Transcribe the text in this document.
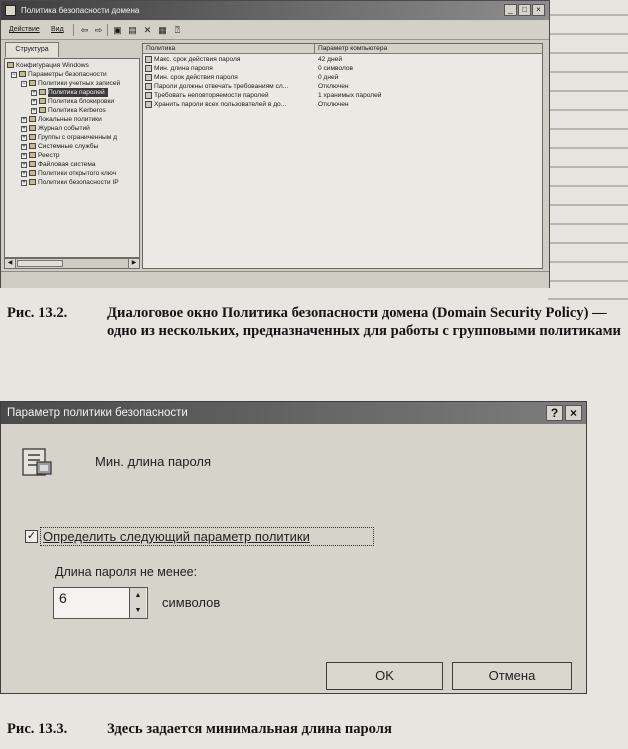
Политика безопасности домена	_	□	×
Действие Вид ⇦ ⇨ ▣ ▤ ✕ ▦ ⍰
Структура
Конфигурация Windows
− Параметры безопасности
− Политики учетных записей
+ Политика паролей
+ Политика блокировки
+ Политика Kerberos
+ Локальные политики
+ Журнал событий
+ Группы с ограниченным д
+ Системные службы
+ Реестр
+ Файловая система
+ Политики открытого ключ
+ Политики безопасности IP
◀	▶
Политика	Параметр компьютера
Макс. срок действия пароля	42 дней
Мин. длина пароля	0 символов
Мин. срок действия пароля	0 дней
Пароли должны отвечать требованиям сл...	Отключен
Требовать неповторяемости паролей	1 хранимых паролей
Хранить пароли всех пользователей в до...	Отключен
Рис. 13.2.	Диалоговое окно Политика безопасности домена (Domain Security Policy) — одно из нескольких, предназначенных для работы с групповыми политиками
Параметр политики безопасности	? ×
Мин. длина пароля
✓ Определить следующий параметр политики
Длина пароля не менее:
6	▲
▼
символов
OK	Отмена
Рис. 13.3.	Здесь задается минимальная длина пароля
